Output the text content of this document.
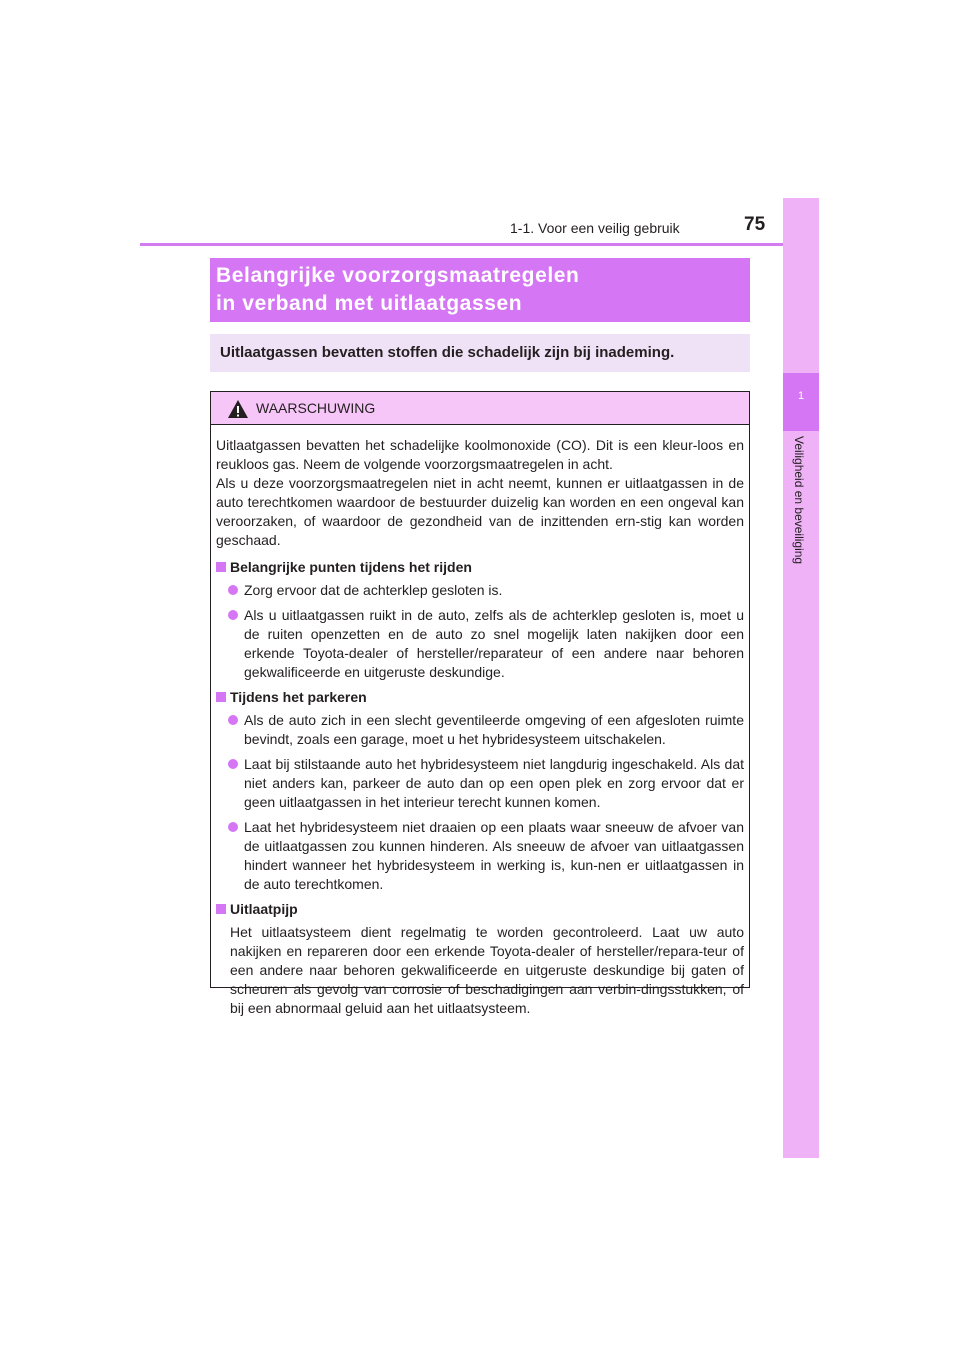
1-1. Voor een veilig gebruik	75
1
Veiligheid en beveiliging
Belangrijke voorzorgsmaatregelen
in verband met uitlaatgassen
Uitlaatgassen bevatten stoffen die schadelijk zijn bij inademing.
WAARSCHUWING

Uitlaatgassen bevatten het schadelijke koolmonoxide (CO). Dit is een kleur-loos en reukloos gas. Neem de volgende voorzorgsmaatregelen in acht.

Als u deze voorzorgsmaatregelen niet in acht neemt, kunnen er uitlaatgassen in de auto terechtkomen waardoor de bestuurder duizelig kan worden en een ongeval kan veroorzaken, of waardoor de gezondheid van de inzittenden ern-stig kan worden geschaad.

Belangrijke punten tijdens het rijden
Zorg ervoor dat de achterklep gesloten is.
Als u uitlaatgassen ruikt in de auto, zelfs als de achterklep gesloten is, moet u de ruiten openzetten en de auto zo snel mogelijk laten nakijken door een erkende Toyota-dealer of hersteller/reparateur of een andere naar behoren gekwalificeerde en uitgeruste deskundige.
Tijdens het parkeren
Als de auto zich in een slecht geventileerde omgeving of een afgesloten ruimte bevindt, zoals een garage, moet u het hybridesysteem uitschakelen.
Laat bij stilstaande auto het hybridesysteem niet langdurig ingeschakeld. Als dat niet anders kan, parkeer de auto dan op een open plek en zorg ervoor dat er geen uitlaatgassen in het interieur terecht kunnen komen.
Laat het hybridesysteem niet draaien op een plaats waar sneeuw de afvoer van de uitlaatgassen zou kunnen hinderen. Als sneeuw de afvoer van uitlaatgassen hindert wanneer het hybridesysteem in werking is, kun-nen er uitlaatgassen in de auto terechtkomen.
Uitlaatpijp

Het uitlaatsysteem dient regelmatig te worden gecontroleerd. Laat uw auto nakijken en repareren door een erkende Toyota-dealer of hersteller/repara-teur of een andere naar behoren gekwalificeerde en uitgeruste deskundige bij gaten of scheuren als gevolg van corrosie of beschadigingen aan verbin-dingsstukken, of bij een abnormaal geluid aan het uitlaatsysteem.
